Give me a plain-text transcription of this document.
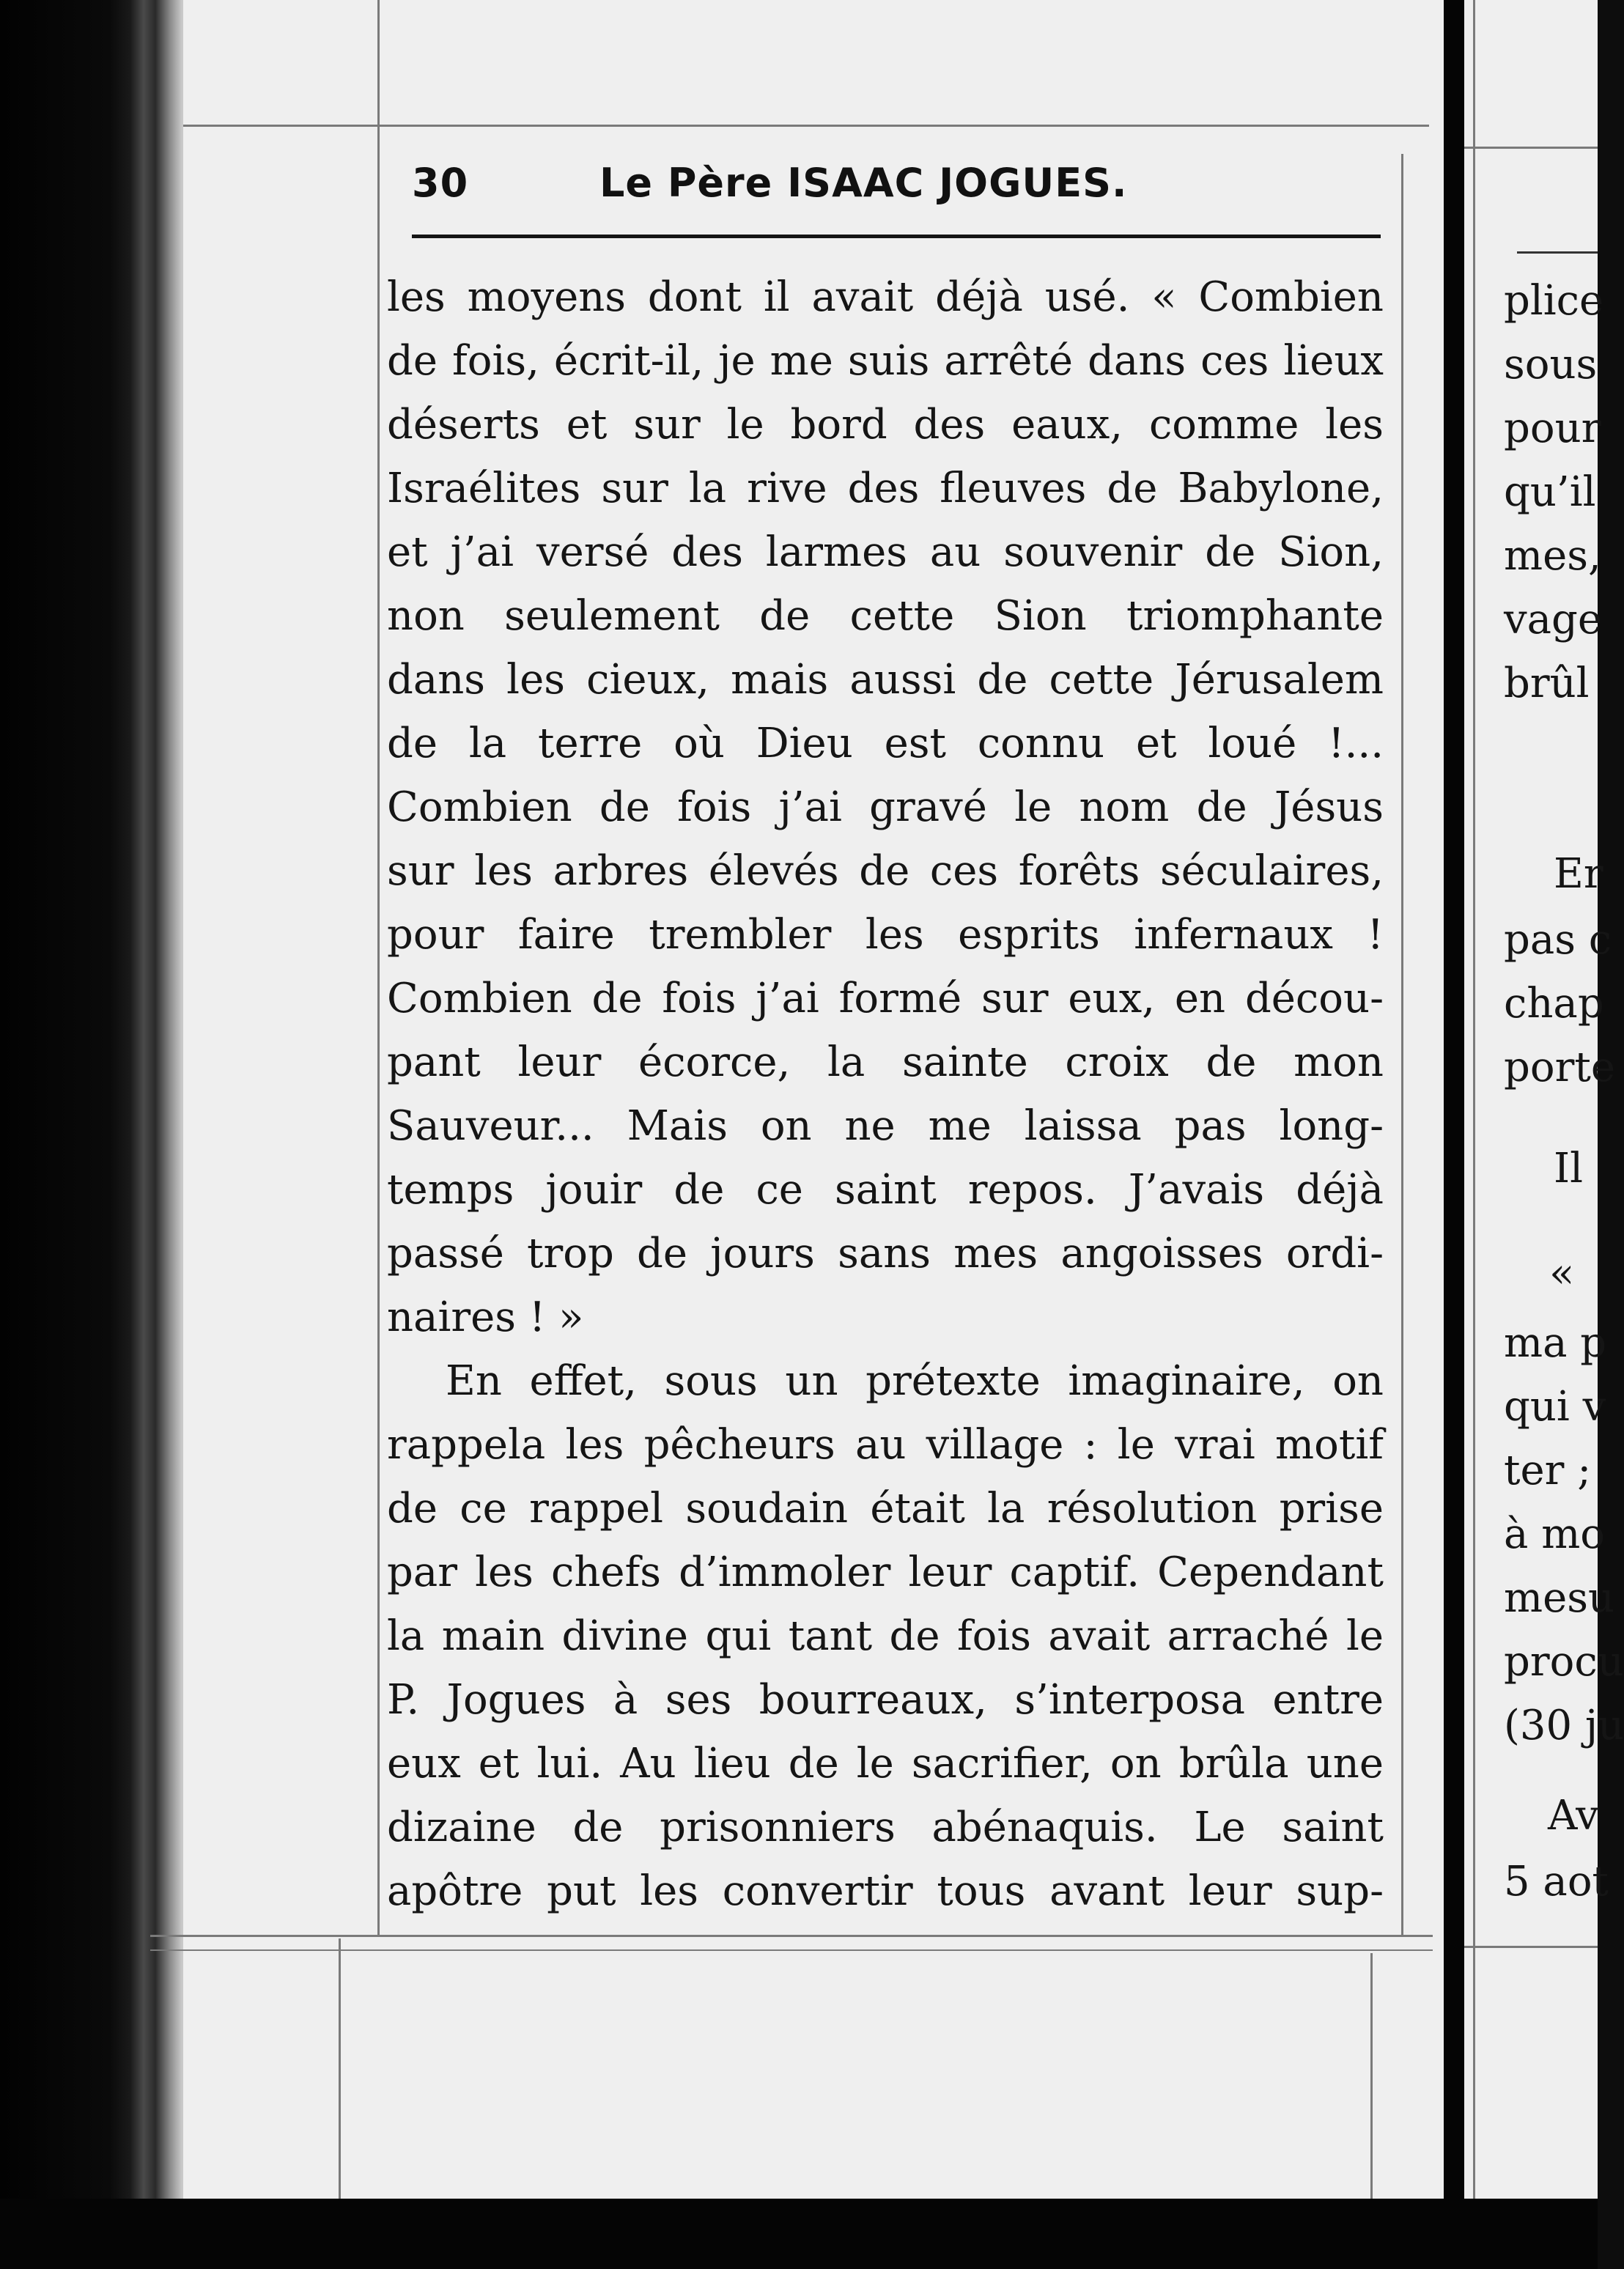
30	Le Père ISAAC JOGUES.
les moyens dont il avait déjà usé. « Combien
de fois, écrit-il, je me suis arrêté dans ces lieux
déserts et sur le bord des eaux, comme les
Israélites sur la rive des fleuves de Babylone,
et j’ai versé des larmes au souvenir de Sion,
non seulement de cette Sion triomphante
dans les cieux, mais aussi de cette Jérusalem
de la terre où Dieu est connu et loué !...
Combien de fois j’ai gravé le nom de Jésus
sur les arbres élevés de ces forêts séculaires,
pour faire trembler les esprits infernaux !
Combien de fois j’ai formé sur eux, en décou-
pant leur écorce, la sainte croix de mon
Sauveur... Mais on ne me laissa pas long-
temps jouir de ce saint repos. J’avais déjà
passé trop de jours sans mes angoisses ordi-
naires ! »
En effet, sous un prétexte imaginaire, on
rappela les pêcheurs au village : le vrai motif
de ce rappel soudain était la résolution prise
par les chefs d’immoler leur captif. Cependant
la main divine qui tant de fois avait arraché le
P. Jogues à ses bourreaux, s’interposa entre
eux et lui. Au lieu de le sacrifier, on brûla une
dizaine de prisonniers abénaquis. Le saint
apôtre put les convertir tous avant leur sup-
plice
sous
pour
qu’il
mes,
vage
brûl
Er
pas c
chap
porte
Il
«
ma p
qui v
ter ;
à mo
mesu
procu
(30 ju
Av
5 aot
